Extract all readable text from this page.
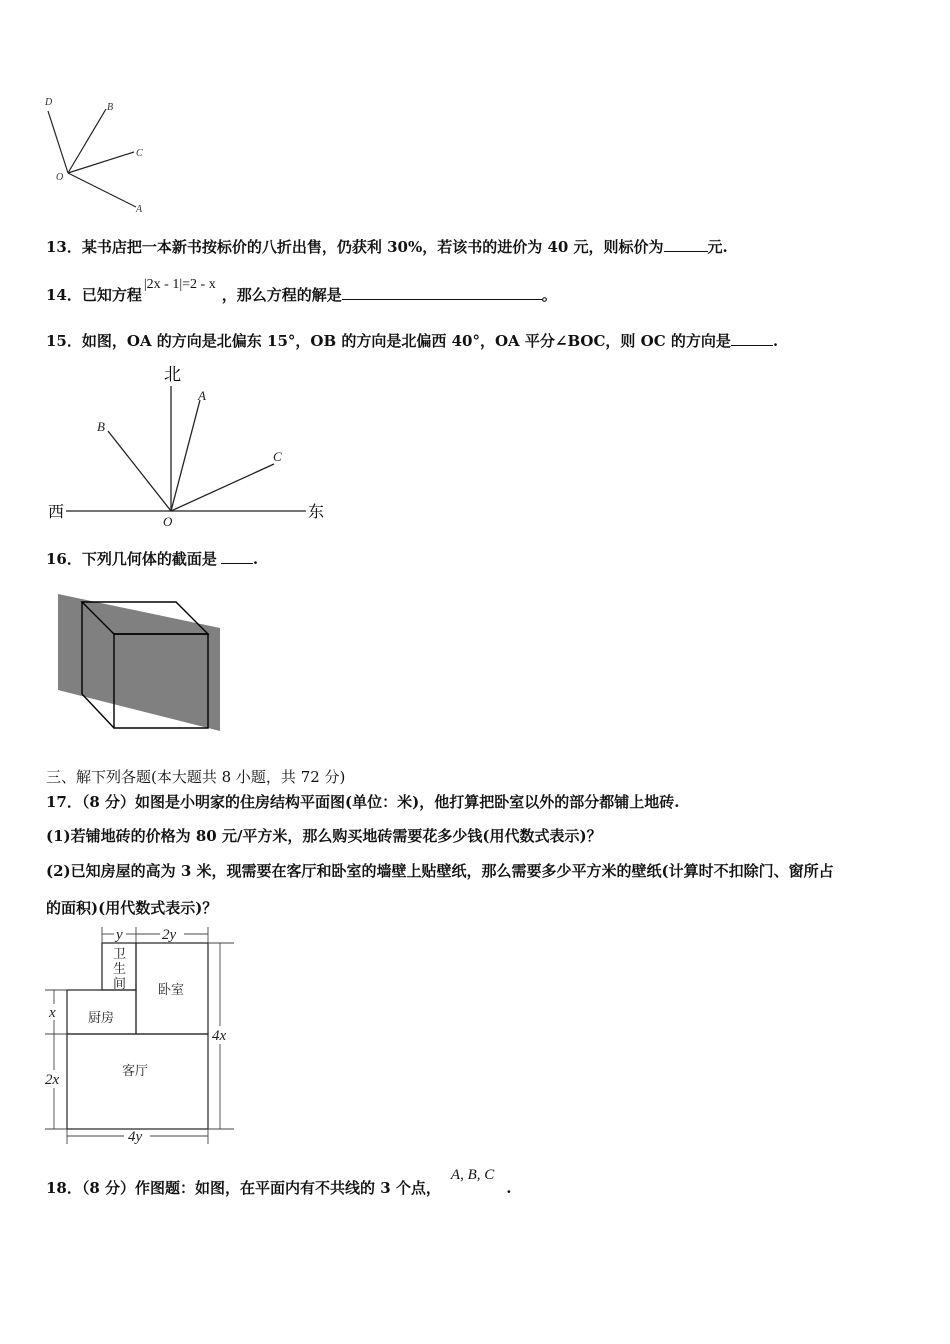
D	B
C
O
A
13．某书店把一本新书按标价的八折出售，仍获利 30%，若该书的进价为 40 元，则标价为	元.
14．已知方程|2x - 1|=2 - x，那么方程的解是	。
15．如图，OA 的方向是北偏东 15°，OB 的方向是北偏西 40°，OA 平分∠BOC，则 OC 的方向是	.
北
西	东
A
B
C
O
16．下列几何体的截面是 .
三、解下列各题(本大题共 8 小题，共 72 分)
17．（8 分）如图是小明家的住房结构平面图(单位：米)，他打算把卧室以外的部分都铺上地砖.
(1)若铺地砖的价格为 80 元/平方米，那么购买地砖需要花多少钱(用代数式表示)？
(2)已知房屋的高为 3 米，现需要在客厅和卧室的墙壁上贴壁纸，那么需要多少平方米的壁纸(计算时不扣除门、窗所占
的面积)(用代数式表示)？
y	2y
x
2x
4x
4y
卫
生
间 卧室
厨房
客厅
18．（8 分）作图题：如图，在平面内有不共线的 3 个点，A, B, C.
